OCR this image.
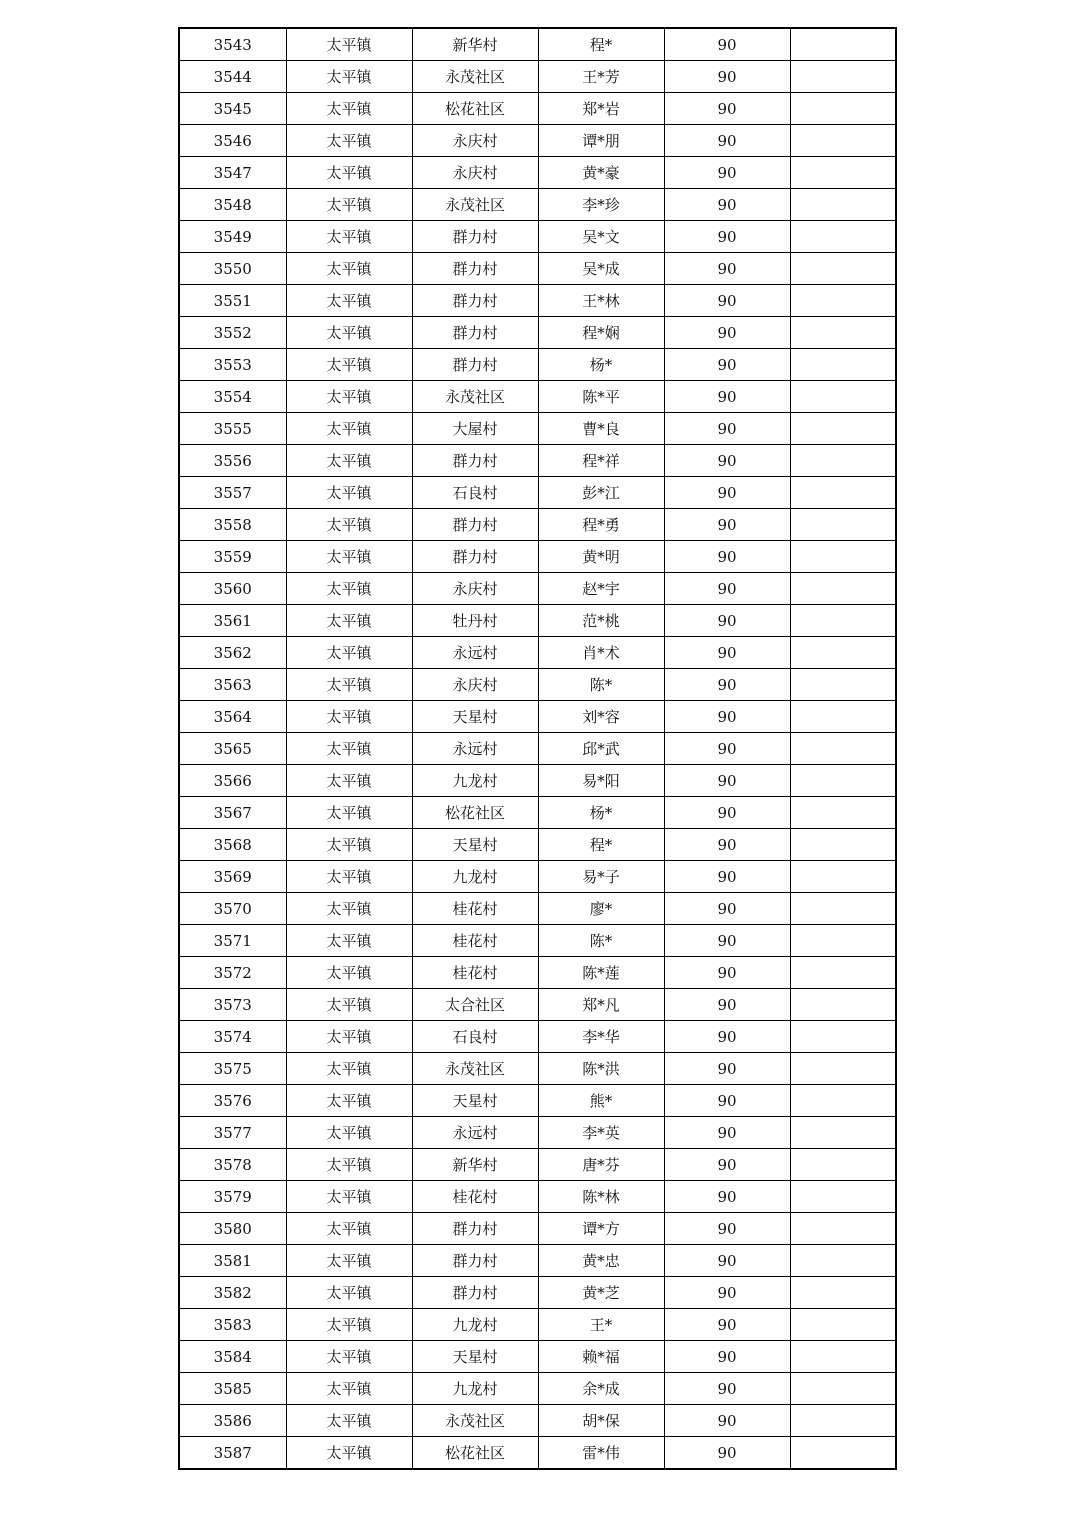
3543	太平镇	新华村	程*	90	
3544	太平镇	永茂社区	王*芳	90	
3545	太平镇	松花社区	郑*岩	90	
3546	太平镇	永庆村	谭*朋	90	
3547	太平镇	永庆村	黄*豪	90	
3548	太平镇	永茂社区	李*珍	90	
3549	太平镇	群力村	吴*文	90	
3550	太平镇	群力村	吴*成	90	
3551	太平镇	群力村	王*林	90	
3552	太平镇	群力村	程*娴	90	
3553	太平镇	群力村	杨*	90	
3554	太平镇	永茂社区	陈*平	90	
3555	太平镇	大屋村	曹*良	90	
3556	太平镇	群力村	程*祥	90	
3557	太平镇	石良村	彭*江	90	
3558	太平镇	群力村	程*勇	90	
3559	太平镇	群力村	黄*明	90	
3560	太平镇	永庆村	赵*宇	90	
3561	太平镇	牡丹村	范*桃	90	
3562	太平镇	永远村	肖*术	90	
3563	太平镇	永庆村	陈*	90	
3564	太平镇	天星村	刘*容	90	
3565	太平镇	永远村	邱*武	90	
3566	太平镇	九龙村	易*阳	90	
3567	太平镇	松花社区	杨*	90	
3568	太平镇	天星村	程*	90	
3569	太平镇	九龙村	易*子	90	
3570	太平镇	桂花村	廖*	90	
3571	太平镇	桂花村	陈*	90	
3572	太平镇	桂花村	陈*莲	90	
3573	太平镇	太合社区	郑*凡	90	
3574	太平镇	石良村	李*华	90	
3575	太平镇	永茂社区	陈*洪	90	
3576	太平镇	天星村	熊*	90	
3577	太平镇	永远村	李*英	90	
3578	太平镇	新华村	唐*芬	90	
3579	太平镇	桂花村	陈*林	90	
3580	太平镇	群力村	谭*方	90	
3581	太平镇	群力村	黄*忠	90	
3582	太平镇	群力村	黄*芝	90	
3583	太平镇	九龙村	王*	90	
3584	太平镇	天星村	赖*福	90	
3585	太平镇	九龙村	余*成	90	
3586	太平镇	永茂社区	胡*保	90	
3587	太平镇	松花社区	雷*伟	90	
